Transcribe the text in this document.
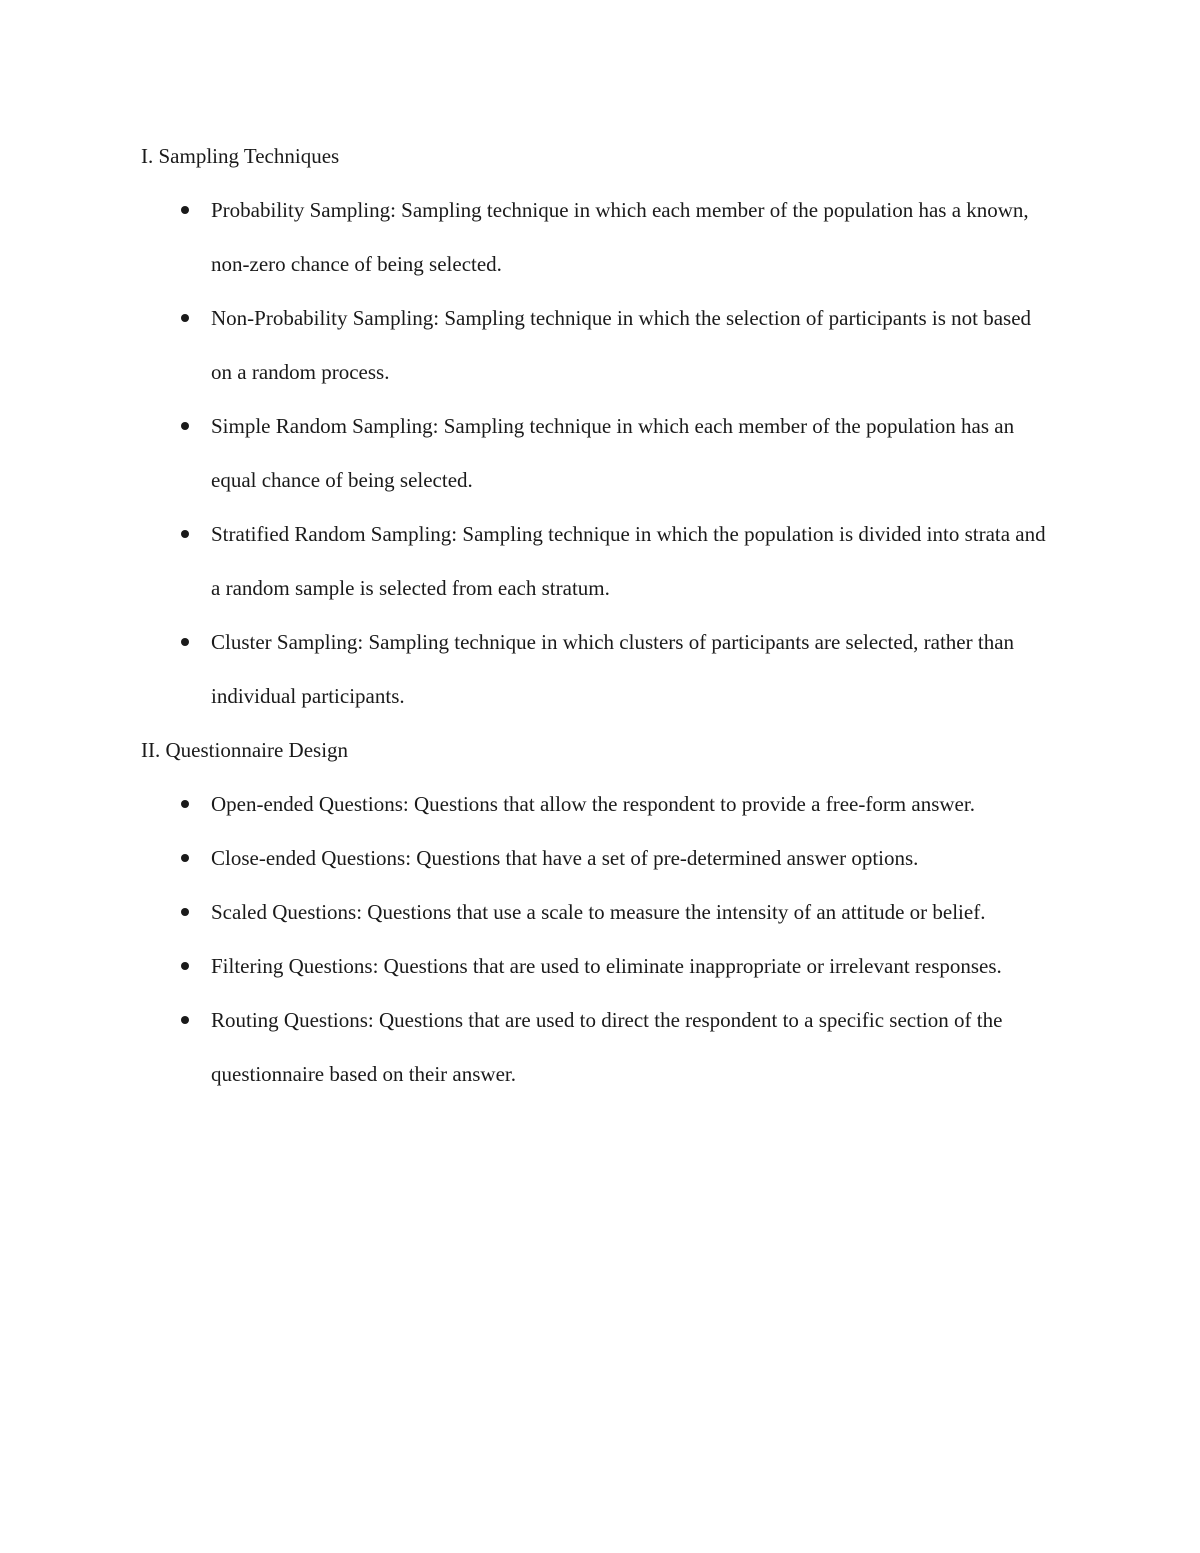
I. Sampling Techniques
Probability Sampling: Sampling technique in which each member of the population has a known, non-zero chance of being selected.
Non-Probability Sampling: Sampling technique in which the selection of participants is not based on a random process.
Simple Random Sampling: Sampling technique in which each member of the population has an equal chance of being selected.
Stratified Random Sampling: Sampling technique in which the population is divided into strata and a random sample is selected from each stratum.
Cluster Sampling: Sampling technique in which clusters of participants are selected, rather than individual participants.
II. Questionnaire Design
Open-ended Questions: Questions that allow the respondent to provide a free-form answer.
Close-ended Questions: Questions that have a set of pre-determined answer options.
Scaled Questions: Questions that use a scale to measure the intensity of an attitude or belief.
Filtering Questions: Questions that are used to eliminate inappropriate or irrelevant responses.
Routing Questions: Questions that are used to direct the respondent to a specific section of the questionnaire based on their answer.
